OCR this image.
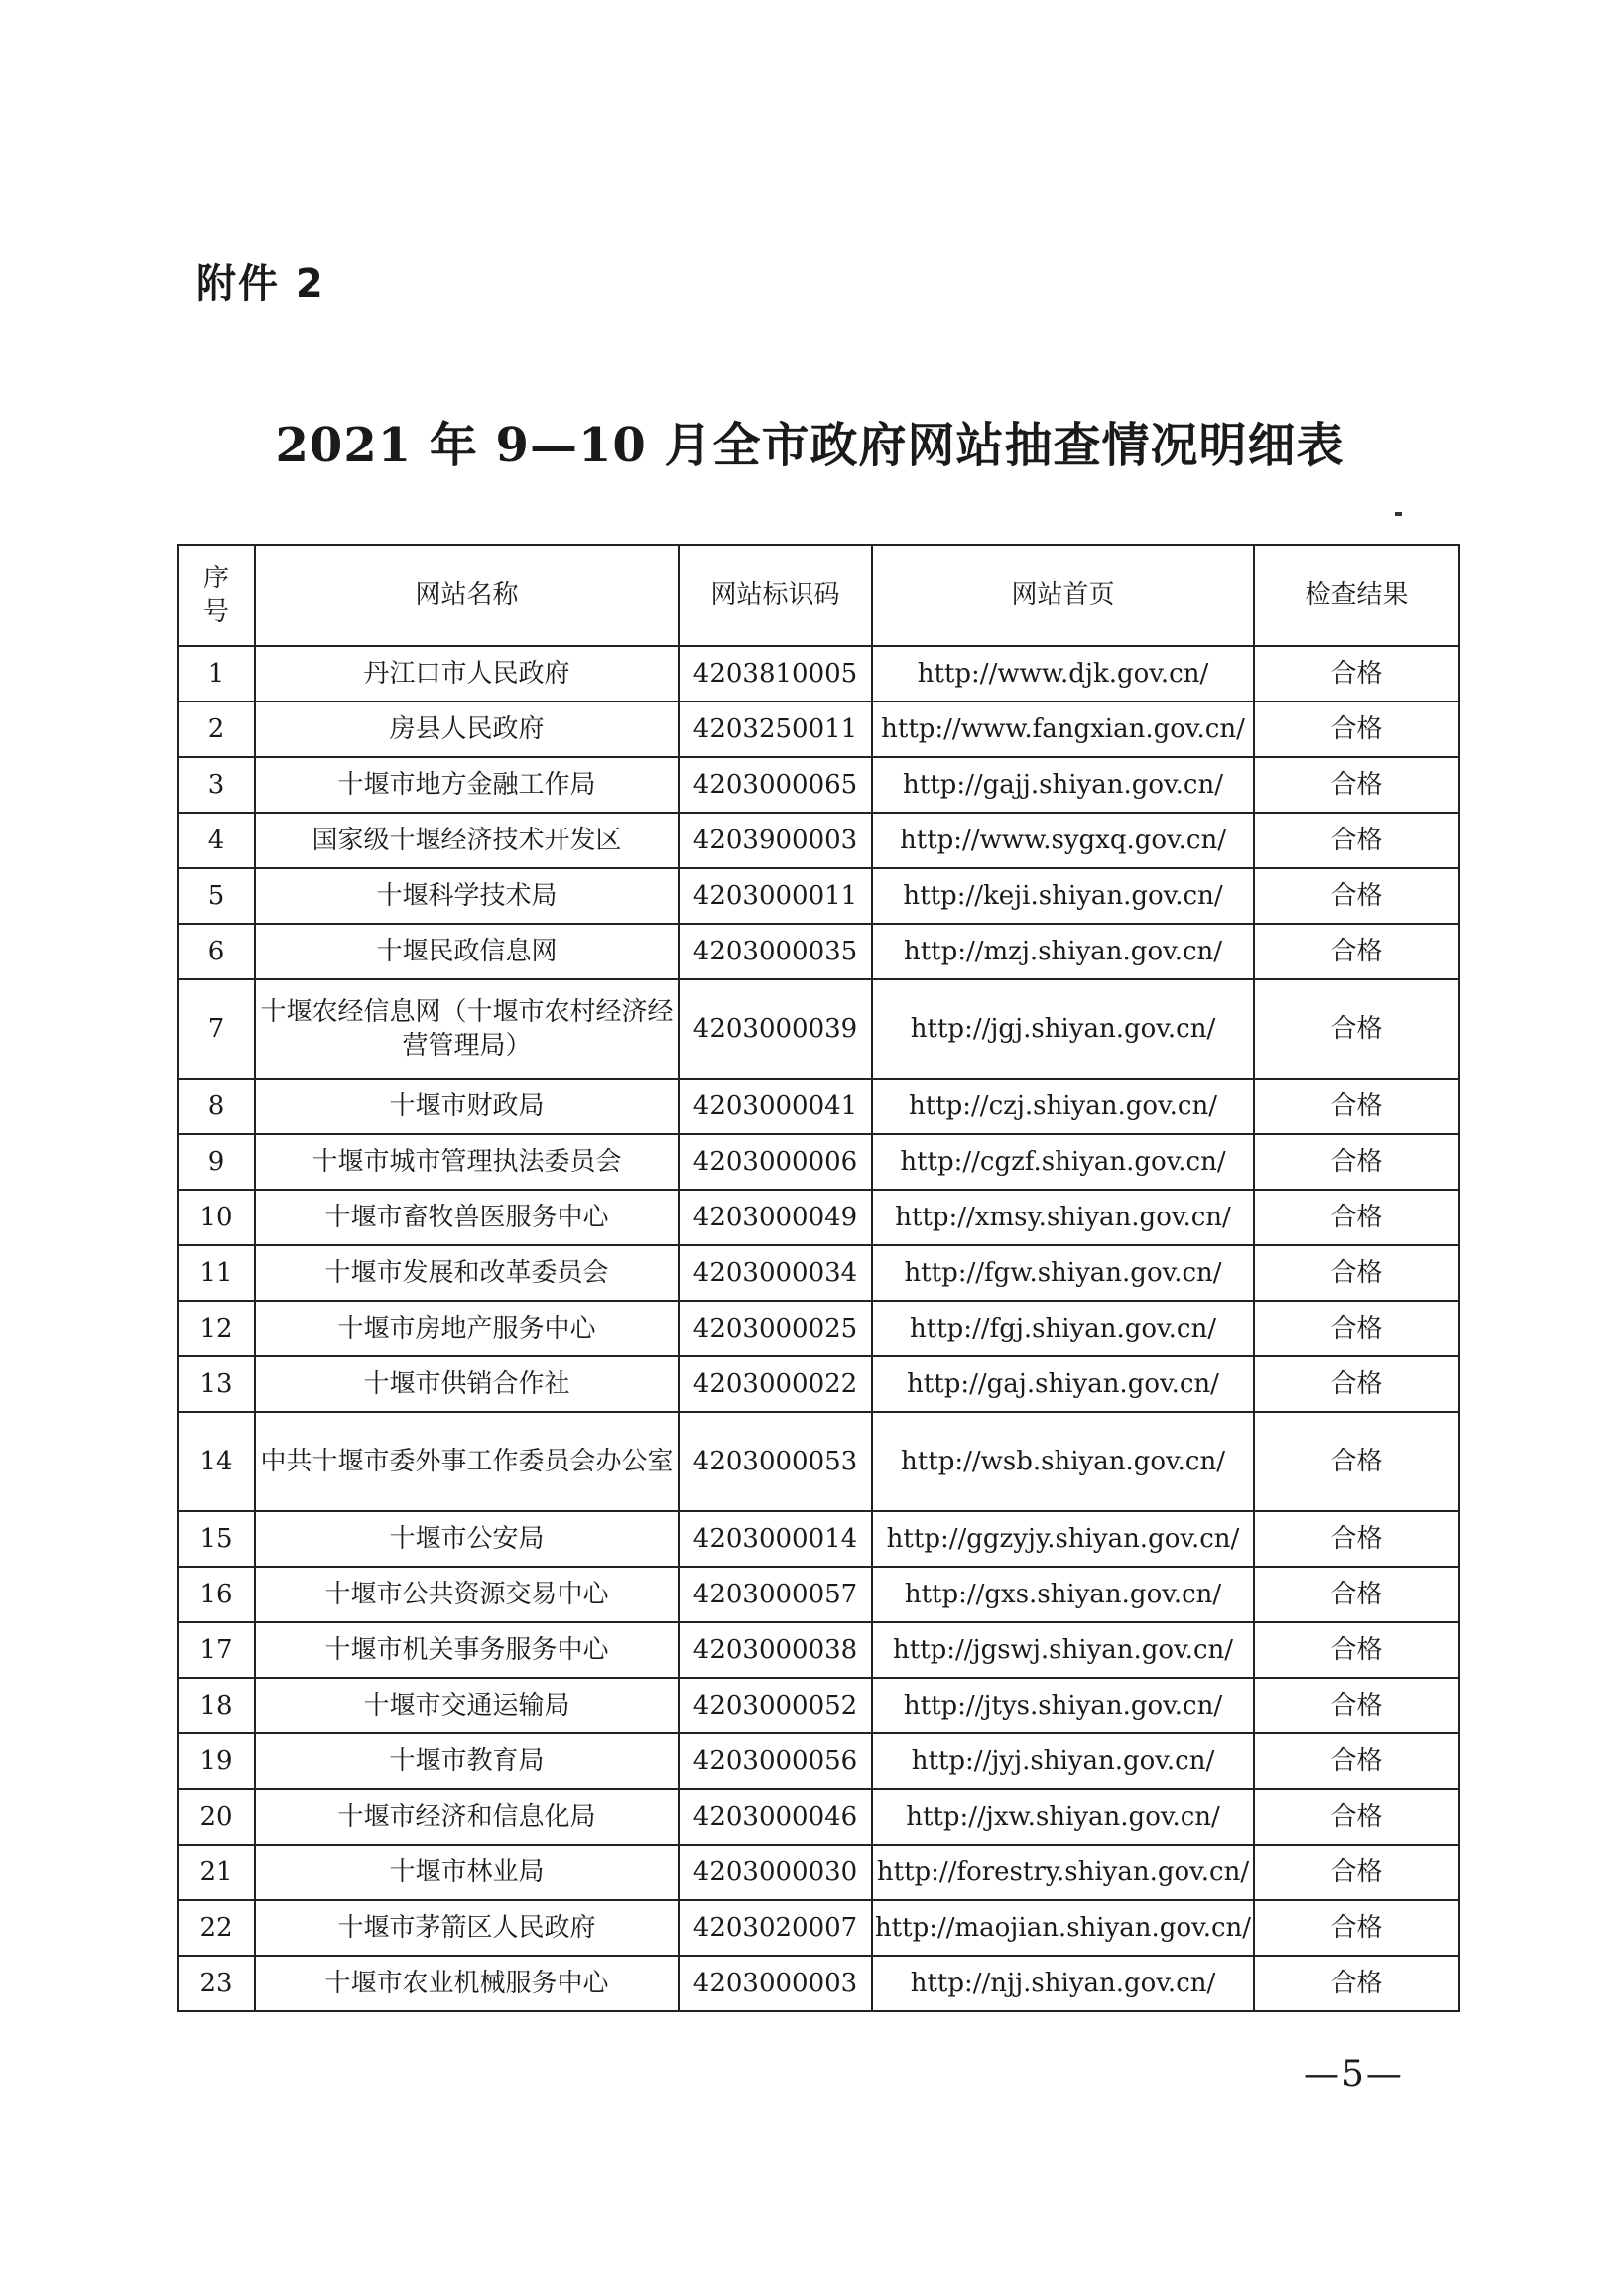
附件 2
2021 年 9—10 月全市政府网站抽查情况明细表
序
号	网站名称	网站标识码	网站首页	检查结果
1	丹江口市人民政府	4203810005	http://www.djk.gov.cn/	合格
2	房县人民政府	4203250011	http://www.fangxian.gov.cn/	合格
3	十堰市地方金融工作局	4203000065	http://gajj.shiyan.gov.cn/	合格
4	国家级十堰经济技术开发区	4203900003	http://www.sygxq.gov.cn/	合格
5	十堰科学技术局	4203000011	http://keji.shiyan.gov.cn/	合格
6	十堰民政信息网	4203000035	http://mzj.shiyan.gov.cn/	合格
7	十堰农经信息网（十堰市农村经济经营管理局）	4203000039	http://jgj.shiyan.gov.cn/	合格
8	十堰市财政局	4203000041	http://czj.shiyan.gov.cn/	合格
9	十堰市城市管理执法委员会	4203000006	http://cgzf.shiyan.gov.cn/	合格
10	十堰市畜牧兽医服务中心	4203000049	http://xmsy.shiyan.gov.cn/	合格
11	十堰市发展和改革委员会	4203000034	http://fgw.shiyan.gov.cn/	合格
12	十堰市房地产服务中心	4203000025	http://fgj.shiyan.gov.cn/	合格
13	十堰市供销合作社	4203000022	http://gaj.shiyan.gov.cn/	合格
14	中共十堰市委外事工作委员会办公室	4203000053	http://wsb.shiyan.gov.cn/	合格
15	十堰市公安局	4203000014	http://ggzyjy.shiyan.gov.cn/	合格
16	十堰市公共资源交易中心	4203000057	http://gxs.shiyan.gov.cn/	合格
17	十堰市机关事务服务中心	4203000038	http://jgswj.shiyan.gov.cn/	合格
18	十堰市交通运输局	4203000052	http://jtys.shiyan.gov.cn/	合格
19	十堰市教育局	4203000056	http://jyj.shiyan.gov.cn/	合格
20	十堰市经济和信息化局	4203000046	http://jxw.shiyan.gov.cn/	合格
21	十堰市林业局	4203000030	http://forestry.shiyan.gov.cn/	合格
22	十堰市茅箭区人民政府	4203020007	http://maojian.shiyan.gov.cn/	合格
23	十堰市农业机械服务中心	4203000003	http://njj.shiyan.gov.cn/	合格
—5—
